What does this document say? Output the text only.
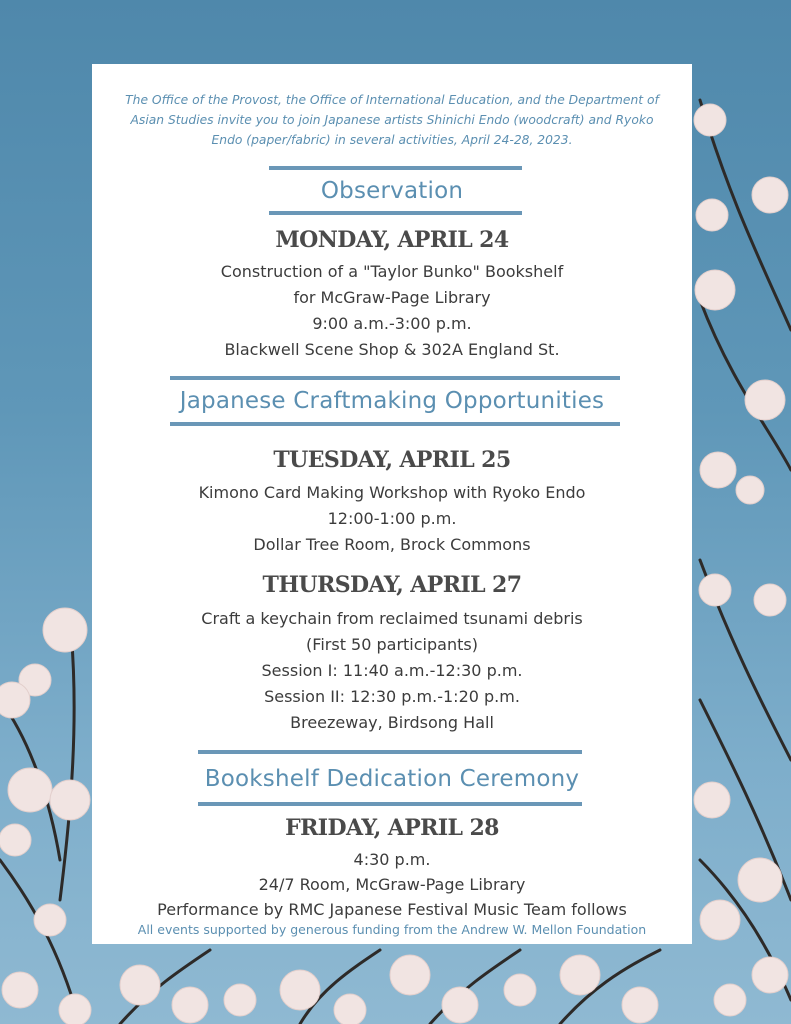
The Office of the Provost, the Office of International Education, and the Department of
Asian Studies invite you to join Japanese artists Shinichi Endo (woodcraft) and Ryoko
Endo (paper/fabric) in several activities, April 24-28, 2023.
Observation
MONDAY, APRIL 24
Construction of a "Taylor Bunko" Bookshelf
for McGraw-Page Library
9:00 a.m.-3:00 p.m.
Blackwell Scene Shop & 302A England St.
Japanese Craftmaking Opportunities
TUESDAY, APRIL 25
Kimono Card Making Workshop with Ryoko Endo
12:00-1:00 p.m.
Dollar Tree Room, Brock Commons
THURSDAY, APRIL 27
Craft a keychain from reclaimed tsunami debris
(First 50 participants)
Session I: 11:40 a.m.-12:30 p.m.
Session II: 12:30 p.m.-1:20 p.m.
Breezeway, Birdsong Hall
Bookshelf Dedication Ceremony
FRIDAY, APRIL 28
4:30 p.m.
24/7 Room, McGraw-Page Library
Performance by RMC Japanese Festival Music Team follows
All events supported by generous funding from the Andrew W. Mellon Foundation
